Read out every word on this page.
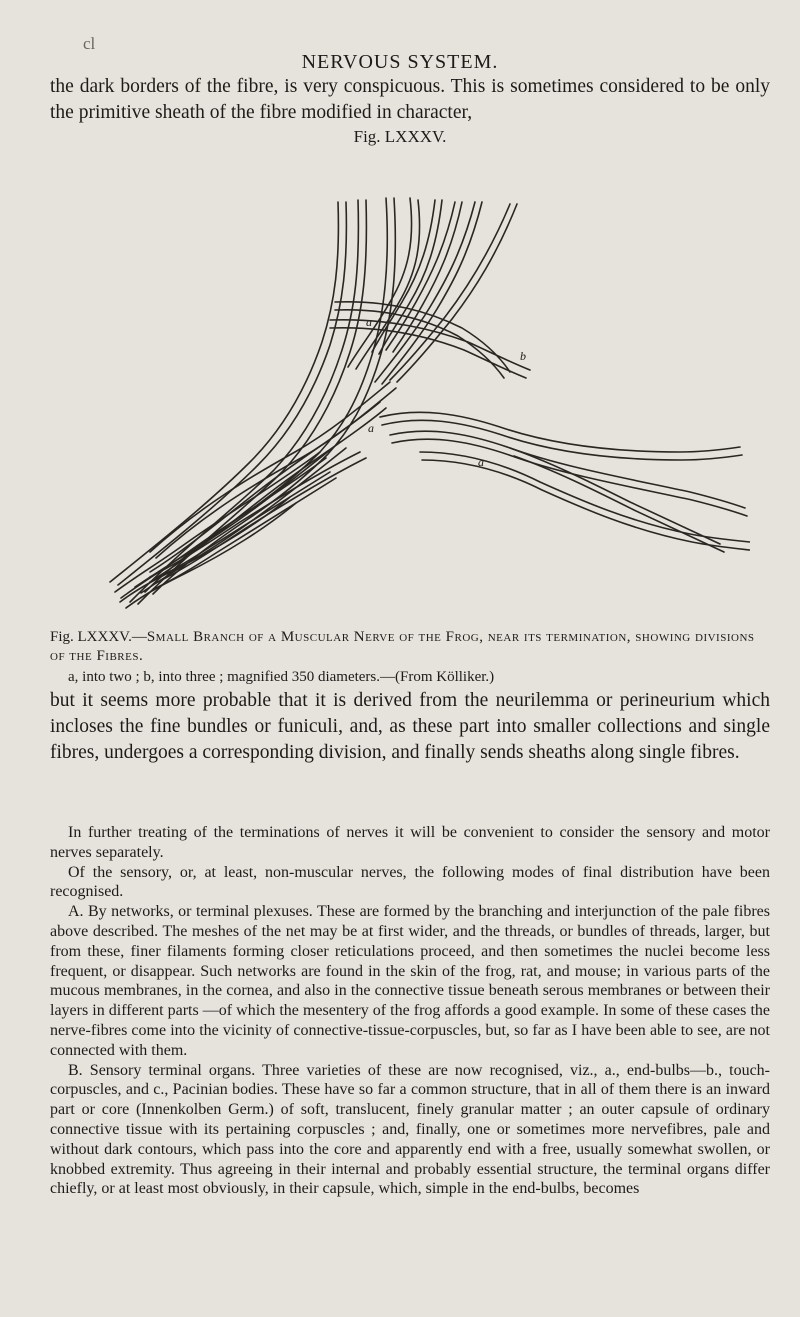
cl
NERVOUS SYSTEM.

the dark borders of the fibre, is very conspicuous. This is sometimes considered to be only the primitive sheath of the fibre modified in character,

Fig. LXXXV.
a
b
a
a

Fig. LXXXV.—Small Branch of a Muscular Nerve of the Frog, near its termination, showing divisions of the Fibres.

a, into two ; b, into three ; magnified 350 diameters.—(From Kölliker.)

but it seems more probable that it is derived from the neurilemma or perineurium which incloses the fine bundles or funiculi, and, as these part into smaller collections and single fibres, undergoes a corresponding division, and finally sends sheaths along single fibres.

In further treating of the terminations of nerves it will be convenient to consider the sensory and motor nerves separately.

Of the sensory, or, at least, non-muscular nerves, the following modes of final distribution have been recognised.

A. By networks, or terminal plexuses. These are formed by the branching and interjunction of the pale fibres above described. The meshes of the net may be at first wider, and the threads, or bundles of threads, larger, but from these, finer filaments forming closer reticulations proceed, and then sometimes the nuclei become less frequent, or disappear. Such networks are found in the skin of the frog, rat, and mouse; in various parts of the mucous membranes, in the cornea, and also in the connective tissue beneath serous membranes or between their layers in different parts —of which the mesentery of the frog affords a good example. In some of these cases the nerve-fibres come into the vicinity of connective-tissue-corpuscles, but, so far as I have been able to see, are not connected with them.

B. Sensory terminal organs. Three varieties of these are now recognised, viz., a., end-bulbs—b., touch-corpuscles, and c., Pacinian bodies. These have so far a common structure, that in all of them there is an inward part or core (Innenkolben Germ.) of soft, translucent, finely granular matter ; an outer capsule of ordinary connective tissue with its pertaining corpuscles ; and, finally, one or sometimes more nervefibres, pale and without dark contours, which pass into the core and apparently end with a free, usually somewhat swollen, or knobbed extremity. Thus agreeing in their internal and probably essential structure, the terminal organs differ chiefly, or at least most obviously, in their capsule, which, simple in the end-bulbs, becomes
